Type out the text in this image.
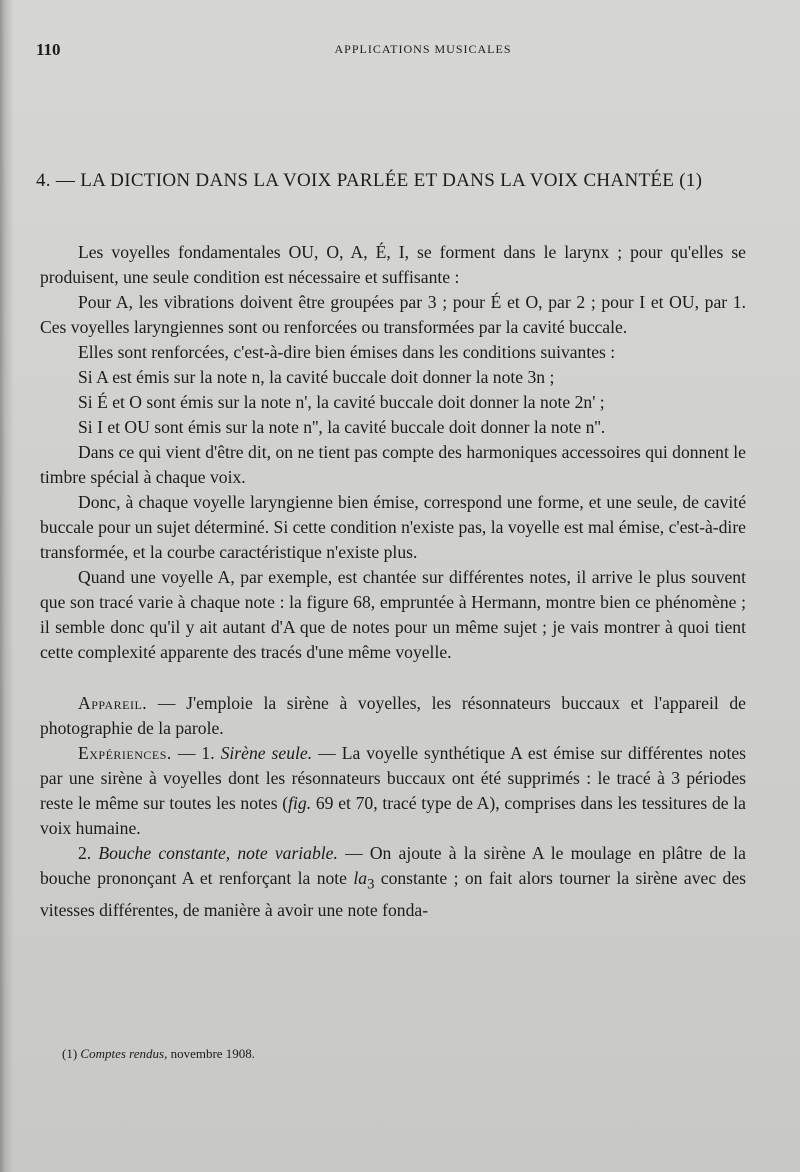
110	APPLICATIONS MUSICALES
4. — LA DICTION DANS LA VOIX PARLÉE ET DANS LA VOIX CHANTÉE (1)

Les voyelles fondamentales OU, O, A, É, I, se forment dans le larynx ; pour qu'elles se produisent, une seule condition est nécessaire et suffisante :

Pour A, les vibrations doivent être groupées par 3 ; pour É et O, par 2 ; pour I et OU, par 1. Ces voyelles laryngiennes sont ou renforcées ou transformées par la cavité buccale.

Elles sont renforcées, c'est-à-dire bien émises dans les conditions suivantes :

Si A est émis sur la note n, la cavité buccale doit donner la note 3n ;

Si É et O sont émis sur la note n', la cavité buccale doit donner la note 2n' ;

Si I et OU sont émis sur la note n'', la cavité buccale doit donner la note n''.

Dans ce qui vient d'être dit, on ne tient pas compte des harmoniques accessoires qui donnent le timbre spécial à chaque voix.

Donc, à chaque voyelle laryngienne bien émise, correspond une forme, et une seule, de cavité buccale pour un sujet déterminé. Si cette condition n'existe pas, la voyelle est mal émise, c'est-à-dire transformée, et la courbe caractéristique n'existe plus.

Quand une voyelle A, par exemple, est chantée sur différentes notes, il arrive le plus souvent que son tracé varie à chaque note : la figure 68, empruntée à Hermann, montre bien ce phénomène ; il semble donc qu'il y ait autant d'A que de notes pour un même sujet ; je vais montrer à quoi tient cette complexité apparente des tracés d'une même voyelle.

Appareil. — J'emploie la sirène à voyelles, les résonnateurs buccaux et l'appareil de photographie de la parole.

Expériences. — 1. Sirène seule. — La voyelle synthétique A est émise sur différentes notes par une sirène à voyelles dont les résonnateurs buccaux ont été supprimés : le tracé à 3 périodes reste le même sur toutes les notes (fig. 69 et 70, tracé type de A), comprises dans les tessitures de la voix humaine.

2. Bouche constante, note variable. — On ajoute à la sirène A le moulage en plâtre de la bouche prononçant A et renforçant la note $la_3$ constante ; on fait alors tourner la sirène avec des vitesses différentes, de manière à avoir une note fonda-

(1) Comptes rendus, novembre 1908.
